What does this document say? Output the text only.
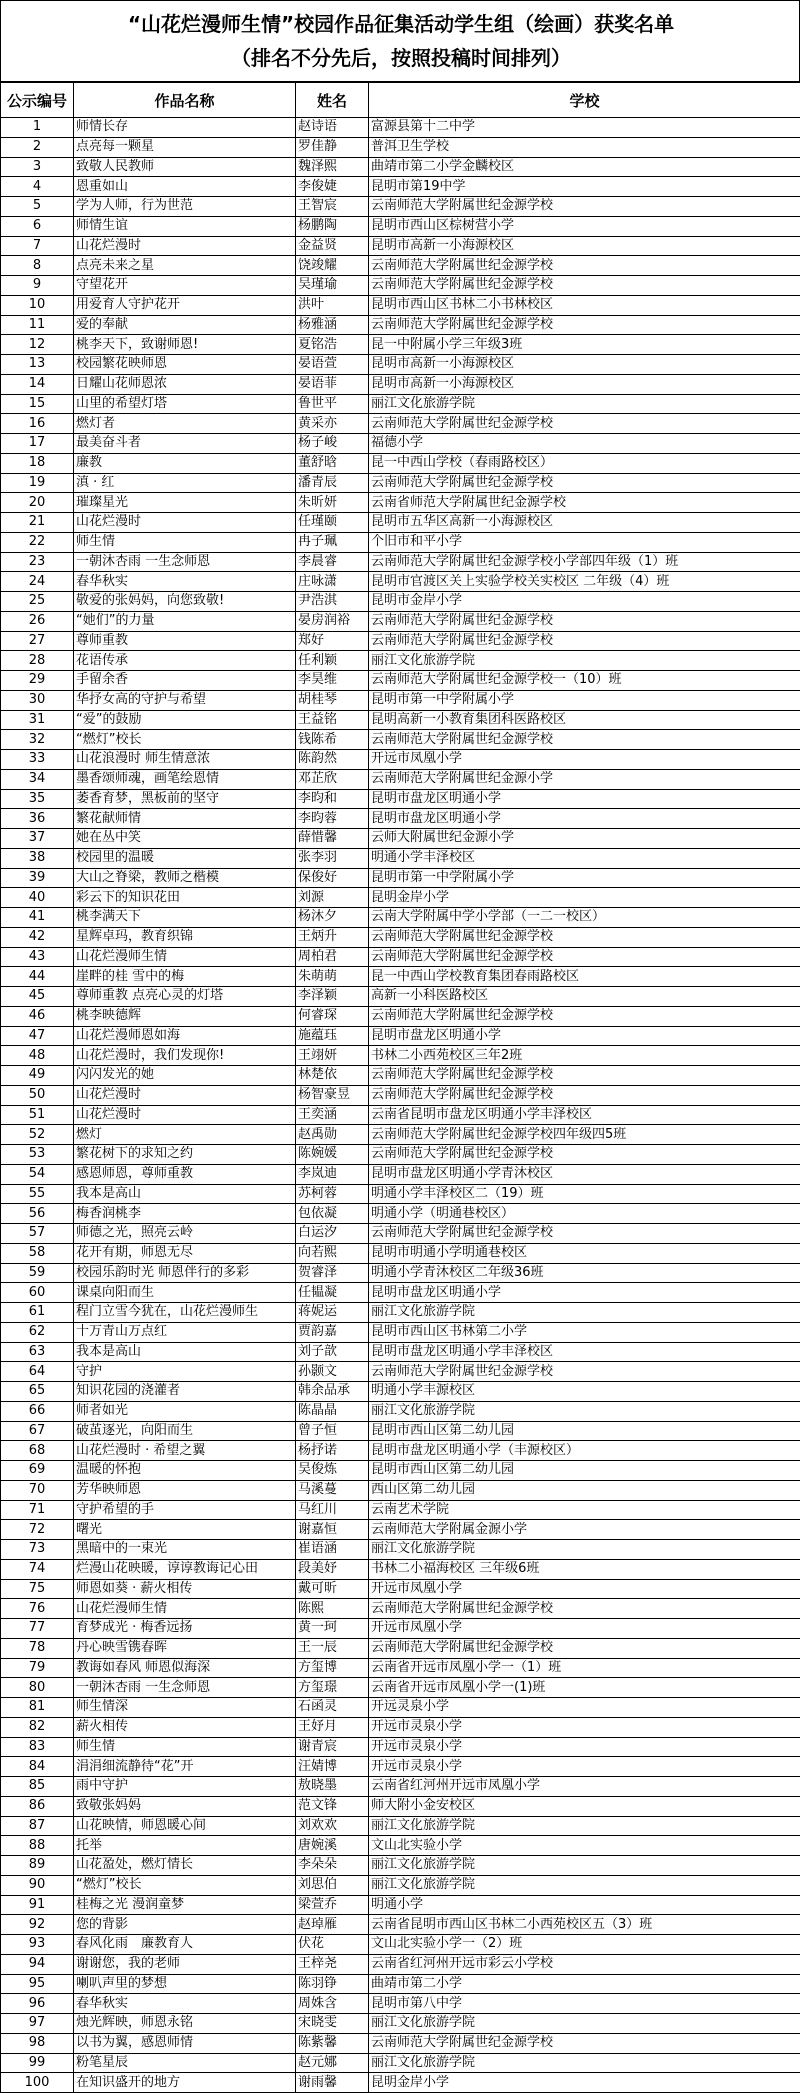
“山花烂漫师生情”校园作品征集活动学生组（绘画）获奖名单
（排名不分先后，按照投稿时间排列）
公示编号	作品名称	姓名	学校
1	师情长存	赵诗语	富源县第十二中学
2	点亮每一颗星	罗佳静	普洱卫生学校
3	致敬人民教师	魏泽熙	曲靖市第二小学金麟校区
4	恩重如山	李俊婕	昆明市第19中学
5	学为人师，行为世范	王智宸	云南师范大学附属世纪金源学校
6	师情生谊	杨鹏陶	昆明市西山区棕树营小学
7	山花烂漫时	金益贤	昆明市高新一小海源校区
8	点亮未来之星	饶竣耀	云南师范大学附属世纪金源学校
9	守望花开	吴瑾瑜	云南师范大学附属世纪金源学校
10	用爱育人守护花开	洪叶	昆明市西山区书林二小书林校区
11	爱的奉献	杨雅涵	云南师范大学附属世纪金源学校
12	桃李天下，致谢师恩!	夏铭浩	昆一中附属小学三年级3班
13	校园繁花映师恩	晏语萱	昆明市高新一小海源校区
14	日耀山花师恩浓	晏语菲	昆明市高新一小海源校区
15	山里的希望灯塔	鲁世平	丽江文化旅游学院
16	燃灯者	黄采亦	云南师范大学附属世纪金源学校
17	最美奋斗者	杨子峻	福德小学
18	廉教	董舒晗	昆一中西山学校（春雨路校区）
19	滇 · 红	潘青辰	云南师范大学附属世纪金源学校
20	璀璨星光	朱昕妍	云南省师范大学附属世纪金源学校
21	山花烂漫时	任瑾颐	昆明市五华区高新一小海源校区
22	师生情	冉子珮	个旧市和平小学
23	一朝沐杏雨 一生念师恩	李晨睿	云南师范大学附属世纪金源学校小学部四年级（1）班
24	春华秋实	庄咏潇	昆明市官渡区关上实验学校关实校区 二年级（4）班
25	敬爱的张妈妈，向您致敬!	尹浩淇	昆明市金岸小学
26	“她们”的力量	晏房润裕	云南师范大学附属世纪金源学校
27	尊师重教	郑好	云南师范大学附属世纪金源学校
28	花语传承	任利颖	丽江文化旅游学院
29	手留余香	李昊维	云南师范大学附属世纪金源学校一（10）班
30	华抒女高的守护与希望	胡桂琴	昆明市第一中学附属小学
31	“爱”的鼓励	王益铭	昆明高新一小教育集团科医路校区
32	“燃灯”校长	钱陈希	云南师范大学附属世纪金源学校
33	山花浪漫时 师生情意浓	陈韵然	开远市凤凰小学
34	墨香颂师魂，画笔绘恩情	邓芷欣	云南师范大学附属世纪金源小学
35	萎香育梦，黑板前的坚守	李昀和	昆明市盘龙区明通小学
36	繁花献师情	李昀蓉	昆明市盘龙区明通小学
37	她在丛中笑	薛惜馨	云师大附属世纪金源小学
38	校园里的温暖	张李羽	明通小学丰泽校区
39	大山之脊梁，教师之楷模	保俊好	昆明市第一中学附属小学
40	彩云下的知识花田	刘源	昆明金岸小学
41	桃李满天下	杨沐夕	云南大学附属中学小学部（一二一校区）
42	星辉卓玛，教育织锦	王炳升	云南师范大学附属世纪金源学校
43	山花烂漫师生情	周柏君	云南师范大学附属世纪金源学校
44	崖畔的桂 雪中的梅	朱萌萌	昆一中西山学校教育集团春雨路校区
45	尊师重教 点亮心灵的灯塔	李泽颖	高新一小科医路校区
46	桃李映德辉	何睿琛	云南师范大学附属世纪金源学校
47	山花烂漫师恩如海	施蕴珏	昆明市盘龙区明通小学
48	山花烂漫时，我们发现你!	王翊妍	书林二小西苑校区三年2班
49	闪闪发光的她	林楚依	云南师范大学附属世纪金源学校
50	山花烂漫时	杨智豪昱	云南师范大学附属世纪金源学校
51	山花烂漫时	王奕涵	云南省昆明市盘龙区明通小学丰泽校区
52	燃灯	赵禹勋	云南师范大学附属世纪金源学校四年级四5班
53	繁花树下的求知之约	陈婉媛	云南师范大学附属世纪金源学校
54	感恩师恩，尊师重教	李岚迪	昆明市盘龙区明通小学青沐校区
55	我本是高山	苏柯蓉	明通小学丰泽校区二（19）班
56	梅香润桃李	包依凝	明通小学（明通巷校区）
57	师德之光，照亮云岭	白运汐	云南师范大学附属世纪金源学校
58	花开有期，师恩无尽	向若熙	昆明市明通小学明通巷校区
59	校园乐韵时光 师恩伴行的多彩	贺睿泽	明通小学青沐校区二年级36班
60	课桌向阳而生	任韫凝	昆明市盘龙区明通小学
61	程门立雪今犹在，山花烂漫师生	蒋妮运	丽江文化旅游学院
62	十万青山万点红	贾韵嘉	昆明市西山区书林第二小学
63	我本是高山	刘子歆	昆明市盘龙区明通小学丰泽校区
64	守护	孙颢文	云南师范大学附属世纪金源学校
65	知识花园的浇灌者	韩余品承	明通小学丰源校区
66	师者如光	陈晶晶	丽江文化旅游学院
67	破茧逐光，向阳而生	曾子恒	昆明市西山区第二幼儿园
68	山花烂漫时 · 希望之翼	杨抒诺	昆明市盘龙区明通小学（丰源校区）
69	温暖的怀抱	吴俊炼	昆明市西山区第二幼儿园
70	芳华映师恩	马溪蔓	西山区第二幼儿园
71	守护希望的手	马红川	云南艺术学院
72	曙光	谢嘉恒	云南师范大学附属金源小学
73	黑暗中的一束光	崔语涵	丽江文化旅游学院
74	烂漫山花映暖，谆谆教诲记心田	段美妤	书林二小福海校区 三年级6班
75	师恩如葵 · 薪火相传	戴可昕	开远市凤凰小学
76	山花烂漫师生情	陈熙	云南师范大学附属世纪金源学校
77	育梦成光 · 梅香远扬	黄一珂	开远市凤凰小学
78	丹心映雪镌春晖	王一辰	云南师范大学附属世纪金源学校
79	教诲如春风 师恩似海深	方玺博	云南省开远市凤凰小学一（1）班
80	一朝沐杏雨 一生念师恩	方玺璟	云南省开远市凤凰小学一(1)班
81	师生情深	石函灵	开远灵泉小学
82	薪火相传	王妤月	开远市灵泉小学
83	师生情	谢青宸	开远市灵泉小学
84	涓涓细流静待“花”开	汪婧博	开远市灵泉小学
85	雨中守护	敖晓墨	云南省红河州开远市凤凰小学
86	致敬张妈妈	范文锋	师大附小金安校区
87	山花映情，师恩暖心间	刘欢欢	丽江文化旅游学院
88	托举	唐婉溪	文山北实验小学
89	山花盈处，燃灯情长	李朵朵	丽江文化旅游学院
90	“燃灯”校长	刘思伯	丽江文化旅游学院
91	桂梅之光 漫润童梦	梁萱乔	明通小学
92	您的背影	赵琸雁	云南省昆明市西山区书林二小西苑校区五（3）班
93	春风化雨　廉教育人	伏花	文山北实验小学一（2）班
94	谢谢您，我的老师	王梓尧	云南省红河州开远市彩云小学校
95	喇叭声里的梦想	陈羽铮	曲靖市第二小学
96	春华秋实	周姝含	昆明市第八中学
97	烛光辉映，师恩永铭	宋晓雯	丽江文化旅游学院
98	以书为翼，感恩师情	陈紫馨	云南师范大学附属世纪金源学校
99	粉笔星辰	赵元娜	丽江文化旅游学院
100	在知识盛开的地方	谢雨馨	昆明金岸小学
